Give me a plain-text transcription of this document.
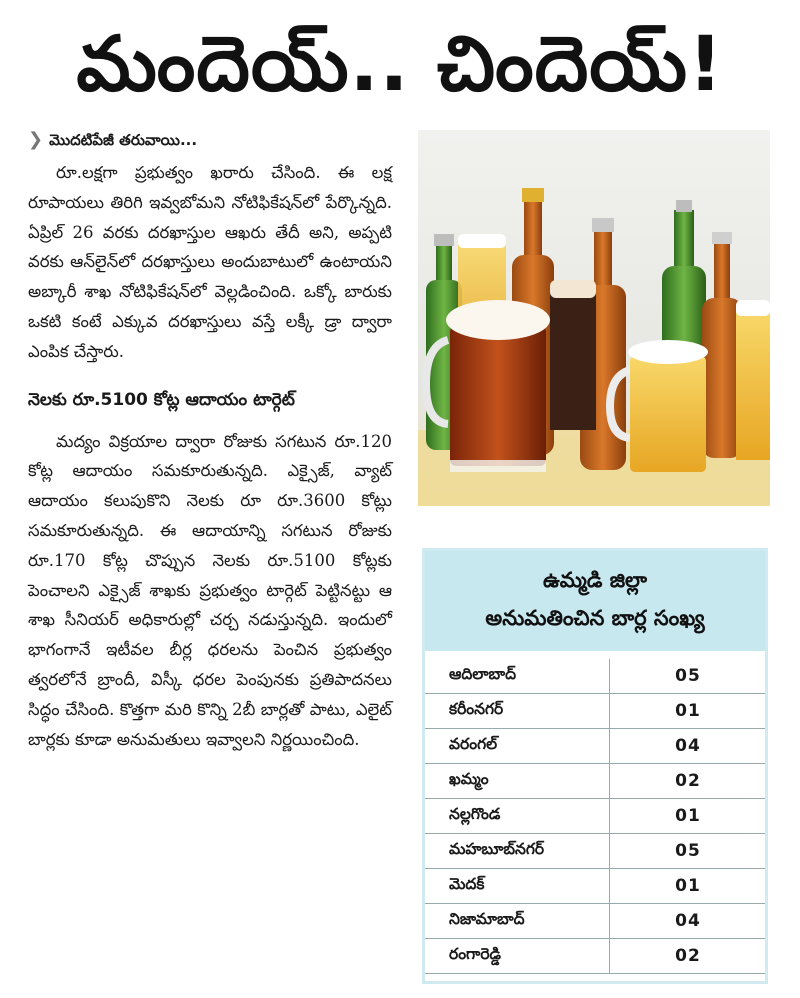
మందెయ్.. చిందెయ్!
❯ మొదటిపేజీ తరువాయి...

రూ.లక్షగా ప్రభుత్వం ఖరారు చేసింది. ఈ లక్ష రూపాయలు తిరిగి ఇవ్వబోమని నోటిఫికేషన్‌లో పేర్కొన్నది. ఏప్రిల్ 26 వరకు దరఖాస్తుల ఆఖరు తేదీ అని, అప్పటి వరకు ఆన్‌లైన్‌లో దరఖాస్తులు అందుబాటులో ఉంటాయని అబ్కారీ శాఖ నోటిఫికేషన్‌లో వెల్లడించింది. ఒక్కో బారుకు ఒకటి కంటే ఎక్కువ దరఖాస్తులు వస్తే లక్కీ డ్రా ద్వారా ఎంపిక చేస్తారు.

నెలకు రూ.5100 కోట్ల ఆదాయం టార్గెట్

మద్యం విక్రయాల ద్వారా రోజుకు సగటున రూ.120 కోట్ల ఆదాయం సమకూరుతున్నది. ఎక్సైజ్, వ్యాట్ ఆదాయం కలుపుకొని నెలకు రూ రూ.3600 కోట్లు సమకూరుతున్నది. ఈ ఆదాయాన్ని సగటున రోజుకు రూ.170 కోట్ల చొప్పున నెలకు రూ.5100 కోట్లకు పెంచాలని ఎక్సైజ్ శాఖకు ప్రభుత్వం టార్గెట్ పెట్టినట్టు ఆ శాఖ సీనియర్ అధికారుల్లో చర్చ నడుస్తున్నది. ఇందులో భాగంగానే ఇటీవల బీర్ల ధరలను పెంచిన ప్రభుత్వం త్వరలోనే బ్రాందీ, విస్కీ ధరల పెంపునకు ప్రతిపాదనలు సిద్ధం చేసింది. కొత్తగా మరి కొన్ని 2బీ బార్లతో పాటు, ఎలైట్ బార్లకు కూడా అనుమతులు ఇవ్వాలని నిర్ణయించింది.

ఉమ్మడి జిల్లా
అనుమతించిన బార్ల సంఖ్య
ఆదిలాబాద్	05
కరీంనగర్	01
వరంగల్	04
ఖమ్మం	02
నల్లగొండ	01
మహబూబ్‌నగర్	05
మెదక్	01
నిజామాబాద్	04
రంగారెడ్డి	02
